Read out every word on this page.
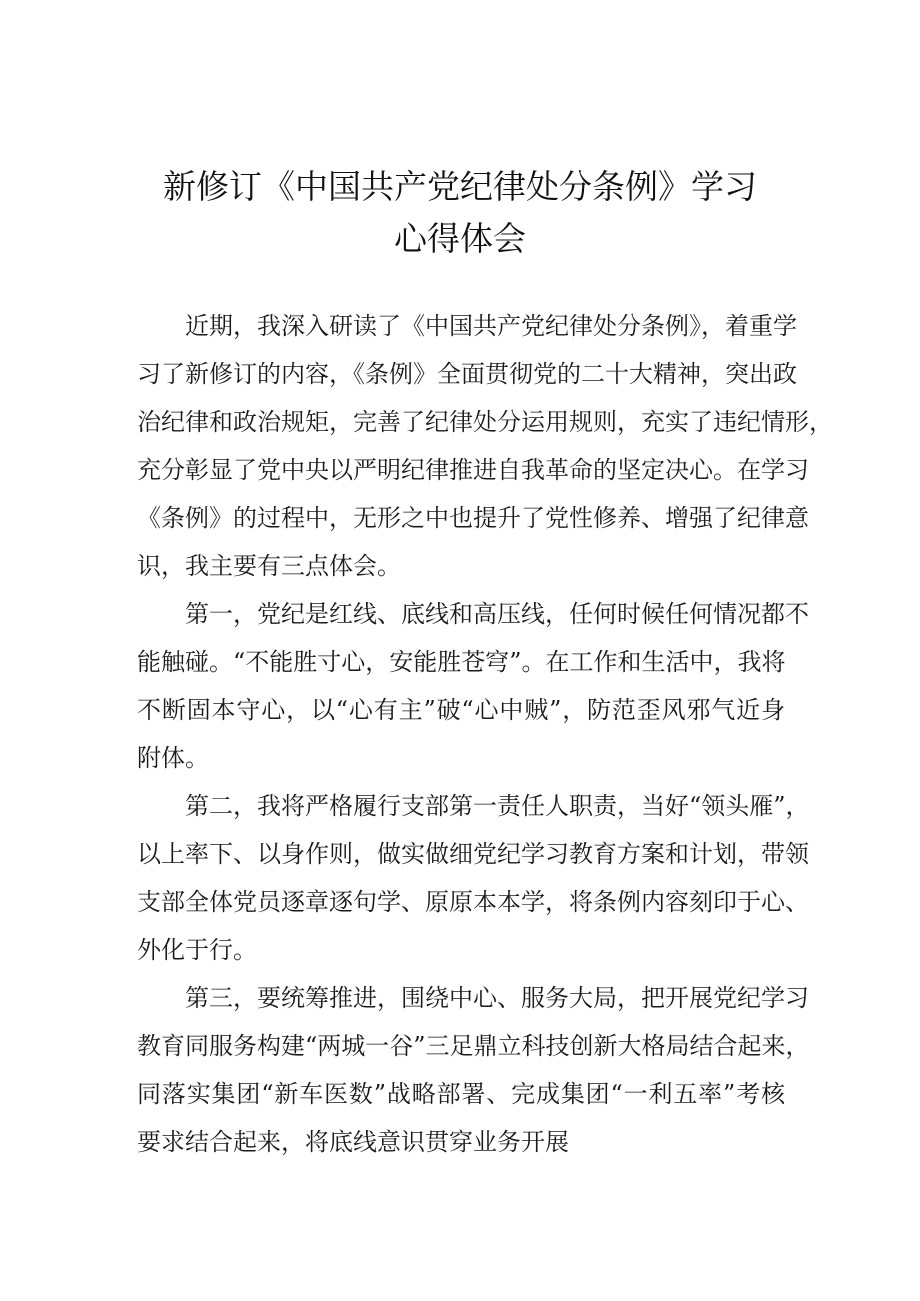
新修订《中国共产党纪律处分条例》学习
心得体会

近期，我深入研读了《中国共产党纪律处分条例》，着重学

习了新修订的内容，《条例》全面贯彻党的二十大精神，突出政

治纪律和政治规矩，完善了纪律处分运用规则，充实了违纪情形，

充分彰显了党中央以严明纪律推进自我革命的坚定决心。在学习

《条例》的过程中，无形之中也提升了党性修养、增强了纪律意

识，我主要有三点体会。

第一，党纪是红线、底线和高压线，任何时候任何情况都不

能触碰。“不能胜寸心，安能胜苍穹”。在工作和生活中，我将

不断固本守心，以“心有主”破“心中贼”，防范歪风邪气近身

附体。

第二，我将严格履行支部第一责任人职责，当好“领头雁”，

以上率下、以身作则，做实做细党纪学习教育方案和计划，带领

支部全体党员逐章逐句学、原原本本学，将条例内容刻印于心、

外化于行。

第三，要统筹推进，围绕中心、服务大局，把开展党纪学习

教育同服务构建“两城一谷”三足鼎立科技创新大格局结合起来，

同落实集团“新车医数”战略部署、完成集团“一利五率”考核

要求结合起来，将底线意识贯穿业务开展
